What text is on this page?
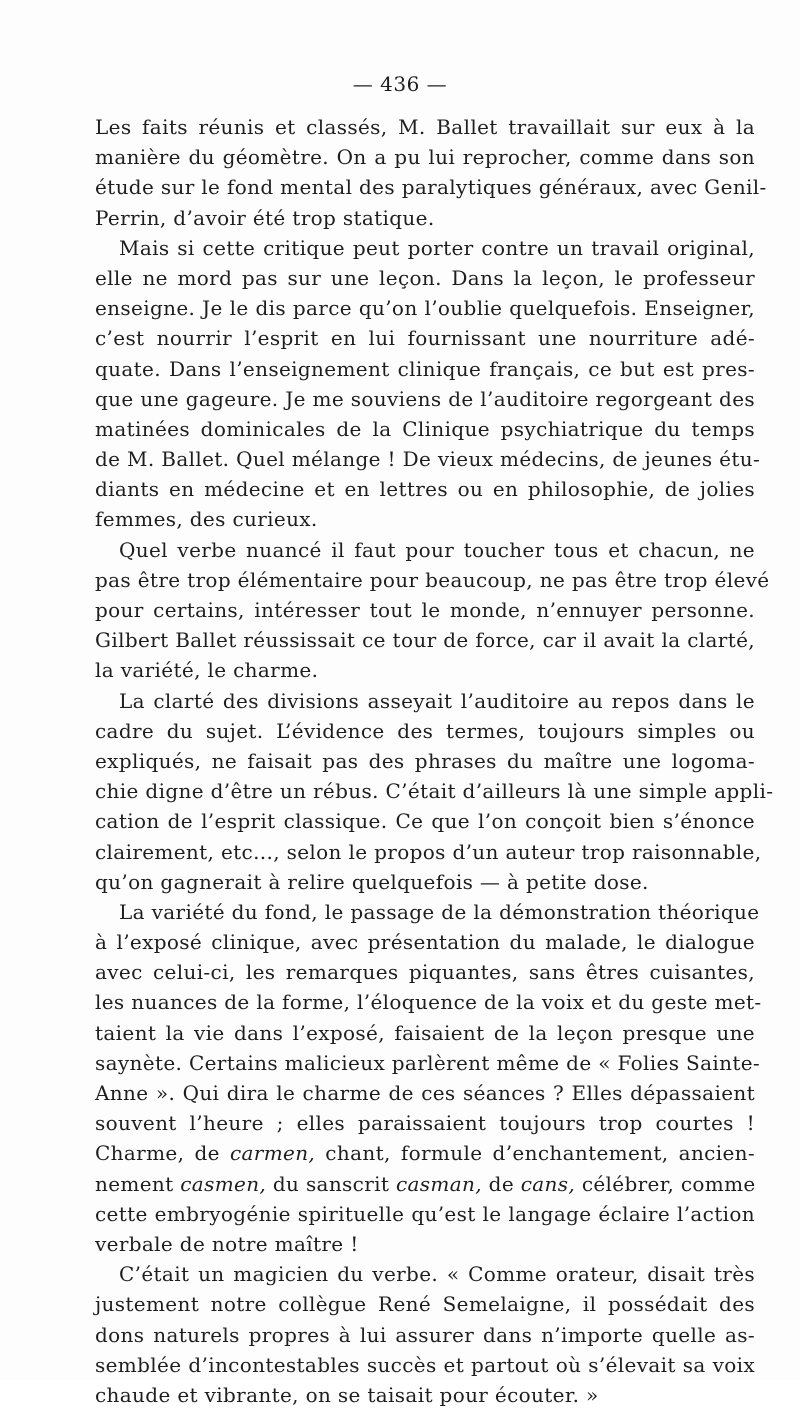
— 436 —
Les faits réunis et classés, M. Ballet travaillait sur eux à la
manière du géomètre. On a pu lui reprocher, comme dans son
étude sur le fond mental des paralytiques généraux, avec Genil-
Perrin, d’avoir été trop statique.
Mais si cette critique peut porter contre un travail original,
elle ne mord pas sur une leçon. Dans la leçon, le professeur
enseigne. Je le dis parce qu’on l’oublie quelquefois. Enseigner,
c’est nourrir l’esprit en lui fournissant une nourriture adé-
quate. Dans l’enseignement clinique français, ce but est pres-
que une gageure. Je me souviens de l’auditoire regorgeant des
matinées dominicales de la Clinique psychiatrique du temps
de M. Ballet. Quel mélange ! De vieux médecins, de jeunes étu-
diants en médecine et en lettres ou en philosophie, de jolies
femmes, des curieux.
Quel verbe nuancé il faut pour toucher tous et chacun, ne
pas être trop élémentaire pour beaucoup, ne pas être trop élevé
pour certains, intéresser tout le monde, n’ennuyer personne.
Gilbert Ballet réussissait ce tour de force, car il avait la clarté,
la variété, le charme.
La clarté des divisions asseyait l’auditoire au repos dans le
cadre du sujet. L’évidence des termes, toujours simples ou
expliqués, ne faisait pas des phrases du maître une logoma-
chie digne d’être un rébus. C’était d’ailleurs là une simple appli-
cation de l’esprit classique. Ce que l’on conçoit bien s’énonce
clairement, etc..., selon le propos d’un auteur trop raisonnable,
qu’on gagnerait à relire quelquefois — à petite dose.
La variété du fond, le passage de la démonstration théorique
à l’exposé clinique, avec présentation du malade, le dialogue
avec celui-ci, les remarques piquantes, sans êtres cuisantes,
les nuances de la forme, l’éloquence de la voix et du geste met-
taient la vie dans l’exposé, faisaient de la leçon presque une
saynète. Certains malicieux parlèrent même de « Folies Sainte-
Anne ». Qui dira le charme de ces séances ? Elles dépassaient
souvent l’heure ; elles paraissaient toujours trop courtes !
Charme, de carmen, chant, formule d’enchantement, ancien-
nement casmen, du sanscrit casman, de cans, célébrer, comme
cette embryogénie spirituelle qu’est le langage éclaire l’action
verbale de notre maître !
C’était un magicien du verbe. « Comme orateur, disait très
justement notre collègue René Semelaigne, il possédait des
dons naturels propres à lui assurer dans n’importe quelle as-
semblée d’incontestables succès et partout où s’élevait sa voix
chaude et vibrante, on se taisait pour écouter. »
